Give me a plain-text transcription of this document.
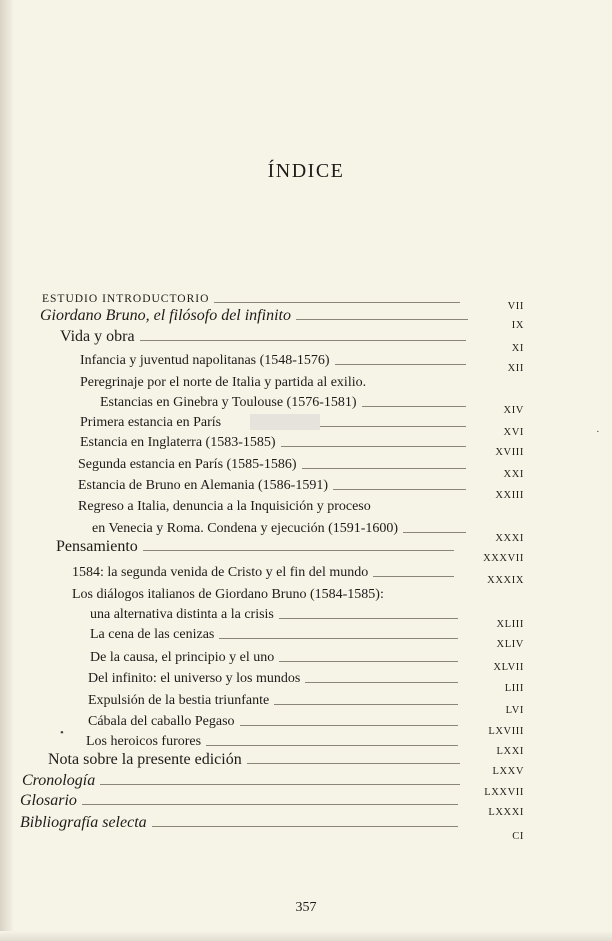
ÍNDICE
ESTUDIO INTRODUCTORIO
VII
Giordano Bruno, el filósofo del infinito
IX
Vida y obra
XI
Infancia y juventud napolitanas (1548-1576)
XII
Peregrinaje por el norte de Italia y partida al exilio.
Estancias en Ginebra y Toulouse (1576-1581)
XIV
Primera estancia en París
XVI
Estancia en Inglaterra (1583-1585)
XVIII
Segunda estancia en París (1585-1586)
XXI
Estancia de Bruno en Alemania (1586-1591)
XXIII
Regreso a Italia, denuncia a la Inquisición y proceso
en Venecia y Roma. Condena y ejecución (1591-1600)
XXXI
Pensamiento
XXXVII
1584: la segunda venida de Cristo y el fin del mundo
XXXIX
Los diálogos italianos de Giordano Bruno (1584-1585):
una alternativa distinta a la crisis
XLIII
La cena de las cenizas
XLIV
De la causa, el principio y el uno
XLVII
Del infinito: el universo y los mundos
LIII
Expulsión de la bestia triunfante
LVI
Cábala del caballo Pegaso
LXVIII
Los heroicos furores
LXXI
Nota sobre la presente edición
LXXV
Cronología
LXXVII
Glosario
LXXXI
Bibliografía selecta
CI
·
•
357
